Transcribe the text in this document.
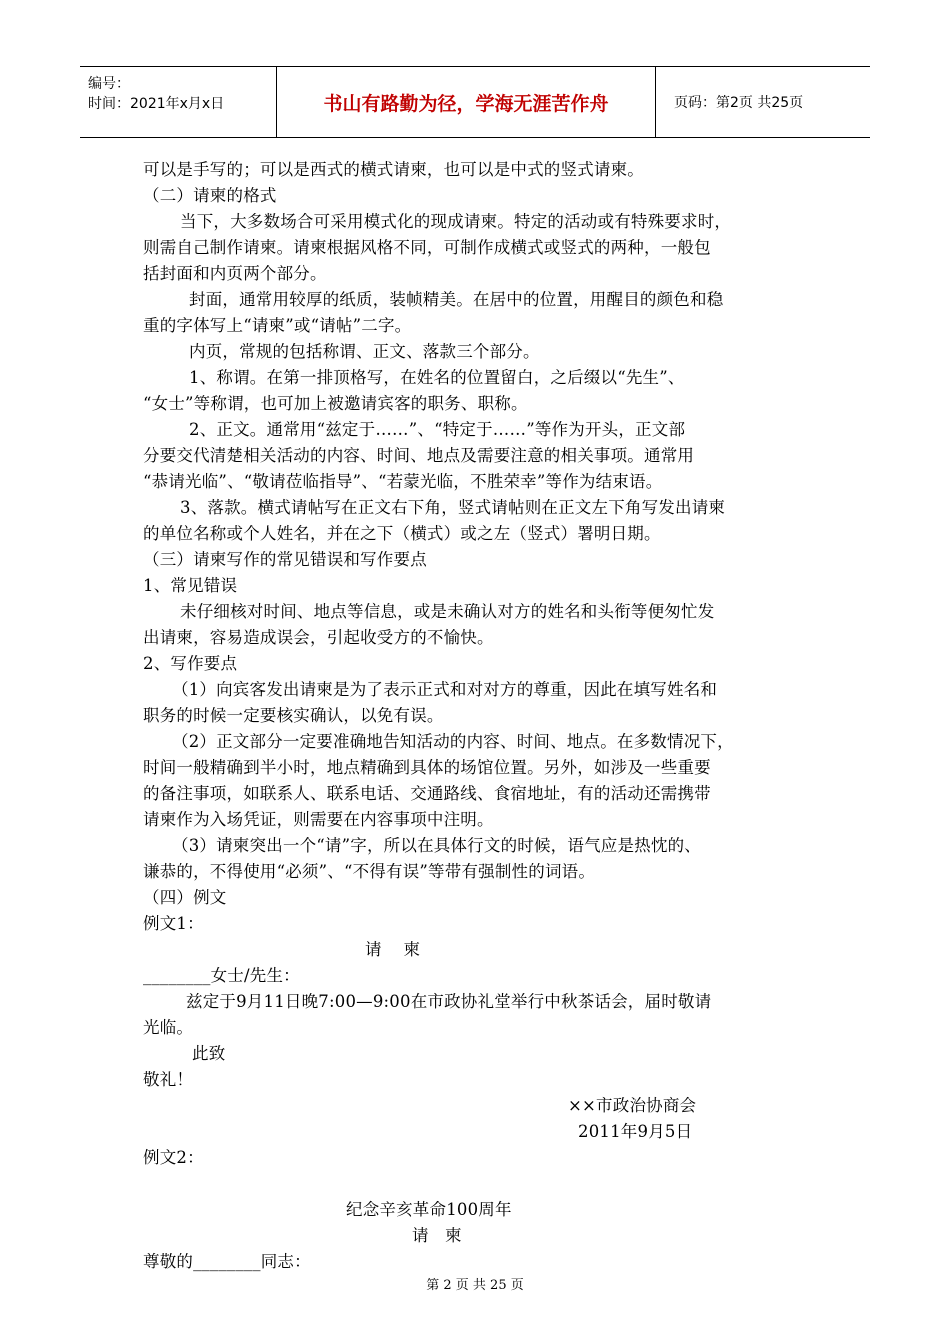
编号：
时间：2021年x月x日	书山有路勤为径，学海无涯苦作舟	页码：第2页 共25页
可以是手写的；可以是西式的横式请柬，也可以是中式的竖式请柬。
（二）请柬的格式
当下，大多数场合可采用模式化的现成请柬。特定的活动或有特殊要求时，
则需自己制作请柬。请柬根据风格不同，可制作成横式或竖式的两种，一般包
括封面和内页两个部分。
封面，通常用较厚的纸质，装帧精美。在居中的位置，用醒目的颜色和稳
重的字体写上“请柬”或“请帖”二字。
内页，常规的包括称谓、正文、落款三个部分。
1、称谓。在第一排顶格写，在姓名的位置留白，之后缀以“先生”、
“女士”等称谓，也可加上被邀请宾客的职务、职称。
2、正文。通常用“兹定于……”、“特定于……”等作为开头，正文部
分要交代清楚相关活动的内容、时间、地点及需要注意的相关事项。通常用
“恭请光临”、“敬请莅临指导”、“若蒙光临，不胜荣幸”等作为结束语。
3、落款。横式请帖写在正文右下角，竖式请帖则在正文左下角写发出请柬
的单位名称或个人姓名，并在之下（横式）或之左（竖式）署明日期。
（三）请柬写作的常见错误和写作要点
1、常见错误
未仔细核对时间、地点等信息，或是未确认对方的姓名和头衔等便匆忙发
出请柬，容易造成误会，引起收受方的不愉快。
2、写作要点
（1）向宾客发出请柬是为了表示正式和对对方的尊重，因此在填写姓名和
职务的时候一定要核实确认，以免有误。
（2）正文部分一定要准确地告知活动的内容、时间、地点。在多数情况下，
时间一般精确到半小时，地点精确到具体的场馆位置。另外，如涉及一些重要
的备注事项，如联系人、联系电话、交通路线、食宿地址，有的活动还需携带
请柬作为入场凭证，则需要在内容事项中注明。
（3）请柬突出一个“请”字，所以在具体行文的时候，语气应是热忱的、
谦恭的，不得使用“必须”、“不得有误”等带有强制性的词语。
（四）例文
例文1：
请    柬
________女士/先生：
兹定于9月11日晚7:00—9:00在市政协礼堂举行中秋茶话会，届时敬请
光临。
此致
敬礼！
××市政治协商会
2011年9月5日
例文2：
纪念辛亥革命100周年
请   柬
尊敬的________同志：
第 2 页 共 25 页
